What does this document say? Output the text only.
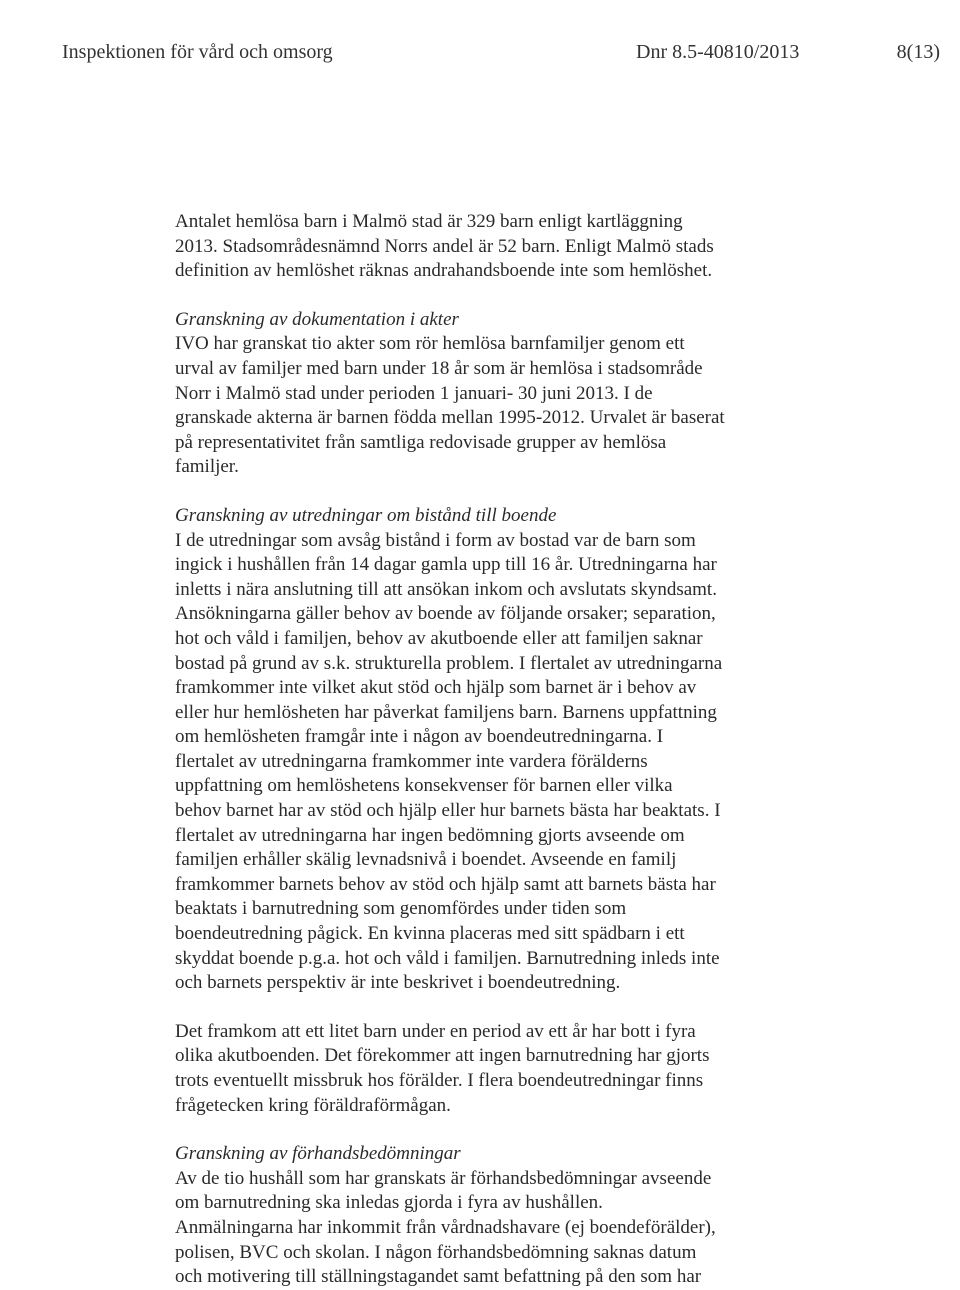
Inspektionen för vård och omsorg	Dnr 8.5-40810/2013	8(13)

Antalet hemlösa barn i Malmö stad är 329 barn enligt kartläggning
2013. Stadsområdesnämnd Norrs andel är 52 barn. Enligt Malmö stads
definition av hemlöshet räknas andrahandsboende inte som hemlöshet.

Granskning av dokumentation i akter
IVO har granskat tio akter som rör hemlösa barnfamiljer genom ett
urval av familjer med barn under 18 år som är hemlösa i stadsområde
Norr i Malmö stad under perioden 1 januari- 30 juni 2013. I de
granskade akterna är barnen födda mellan 1995-2012. Urvalet är baserat
på representativitet från samtliga redovisade grupper av hemlösa
familjer.

Granskning av utredningar om bistånd till boende
I de utredningar som avsåg bistånd i form av bostad var de barn som
ingick i hushållen från 14 dagar gamla upp till 16 år. Utredningarna har
inletts i nära anslutning till att ansökan inkom och avslutats skyndsamt.
Ansökningarna gäller behov av boende av följande orsaker; separation,
hot och våld i familjen, behov av akutboende eller att familjen saknar
bostad på grund av s.k. strukturella problem. I flertalet av utredningarna
framkommer inte vilket akut stöd och hjälp som barnet är i behov av
eller hur hemlösheten har påverkat familjens barn. Barnens uppfattning
om hemlösheten framgår inte i någon av boendeutredningarna. I
flertalet av utredningarna framkommer inte vardera förälderns
uppfattning om hemlöshetens konsekvenser för barnen eller vilka
behov barnet har av stöd och hjälp eller hur barnets bästa har beaktats. I
flertalet av utredningarna har ingen bedömning gjorts avseende om
familjen erhåller skälig levnadsnivå i boendet. Avseende en familj
framkommer barnets behov av stöd och hjälp samt att barnets bästa har
beaktats i barnutredning som genomfördes under tiden som
boendeutredning pågick. En kvinna placeras med sitt spädbarn i ett
skyddat boende p.g.a. hot och våld i familjen. Barnutredning inleds inte
och barnets perspektiv är inte beskrivet i boendeutredning.

Det framkom att ett litet barn under en period av ett år har bott i fyra
olika akutboenden. Det förekommer att ingen barnutredning har gjorts
trots eventuellt missbruk hos förälder. I flera boendeutredningar finns
frågetecken kring föräldraförmågan.

Granskning av förhandsbedömningar
Av de tio hushåll som har granskats är förhandsbedömningar avseende
om barnutredning ska inledas gjorda i fyra av hushållen.
Anmälningarna har inkommit från vårdnadshavare (ej boendeförälder),
polisen, BVC och skolan. I någon förhandsbedömning saknas datum
och motivering till ställningstagandet samt befattning på den som har
